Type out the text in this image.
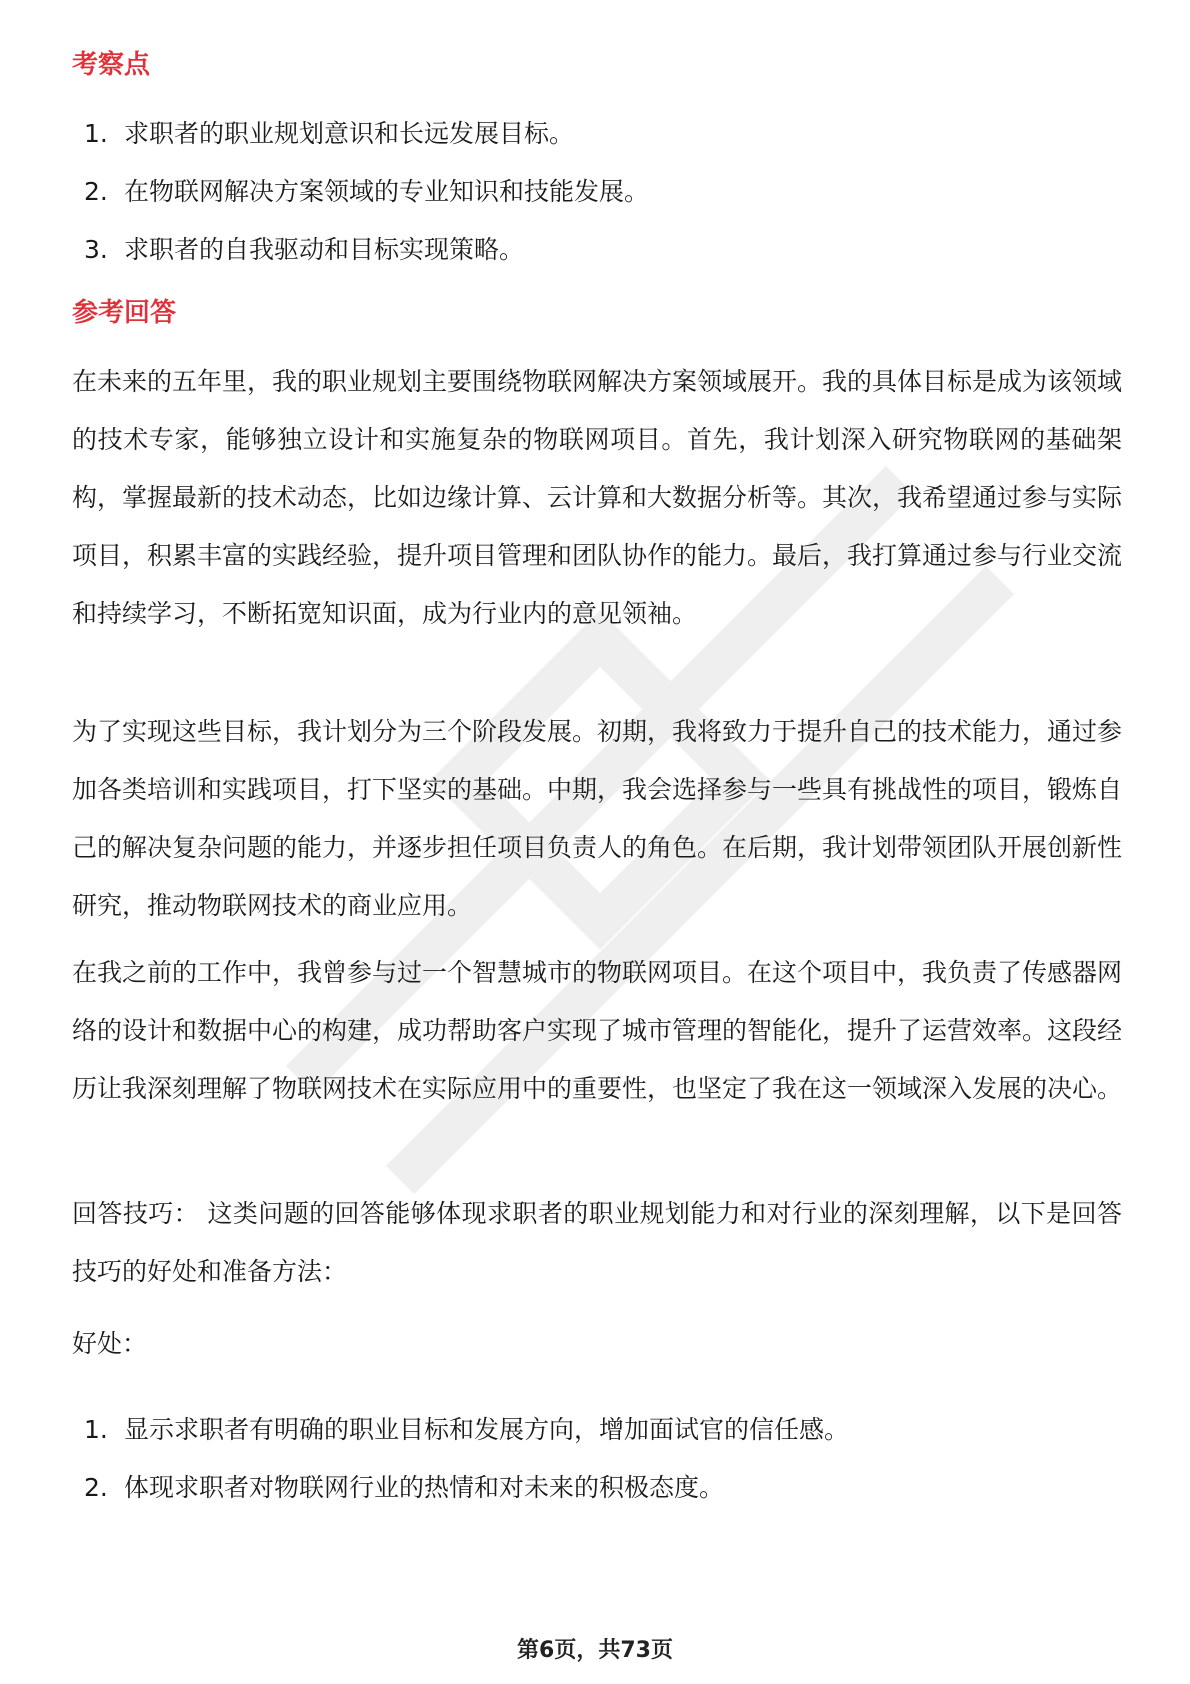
考察点
1. 求职者的职业规划意识和长远发展目标。
2. 在物联网解决方案领域的专业知识和技能发展。
3. 求职者的自我驱动和目标实现策略。
参考回答

在未来的五年里，我的职业规划主要围绕物联网解决方案领域展开。我的具体目标是成为该领域的技术专家，能够独立设计和实施复杂的物联网项目。首先，我计划深入研究物联网的基础架构，掌握最新的技术动态，比如边缘计算、云计算和大数据分析等。其次，我希望通过参与实际项目，积累丰富的实践经验，提升项目管理和团队协作的能力。最后，我打算通过参与行业交流和持续学习，不断拓宽知识面，成为行业内的意见领袖。

为了实现这些目标，我计划分为三个阶段发展。初期，我将致力于提升自己的技术能力，通过参加各类培训和实践项目，打下坚实的基础。中期，我会选择参与一些具有挑战性的项目，锻炼自己的解决复杂问题的能力，并逐步担任项目负责人的角色。在后期，我计划带领团队开展创新性研究，推动物联网技术的商业应用。

在我之前的工作中，我曾参与过一个智慧城市的物联网项目。在这个项目中，我负责了传感器网络的设计和数据中心的构建，成功帮助客户实现了城市管理的智能化，提升了运营效率。这段经历让我深刻理解了物联网技术在实际应用中的重要性，也坚定了我在这一领域深入发展的决心。

回答技巧： 这类问题的回答能够体现求职者的职业规划能力和对行业的深刻理解，以下是回答技巧的好处和准备方法：

好处：

1. 显示求职者有明确的职业目标和发展方向，增加面试官的信任感。
2. 体现求职者对物联网行业的热情和对未来的积极态度。
第6页，共73页
